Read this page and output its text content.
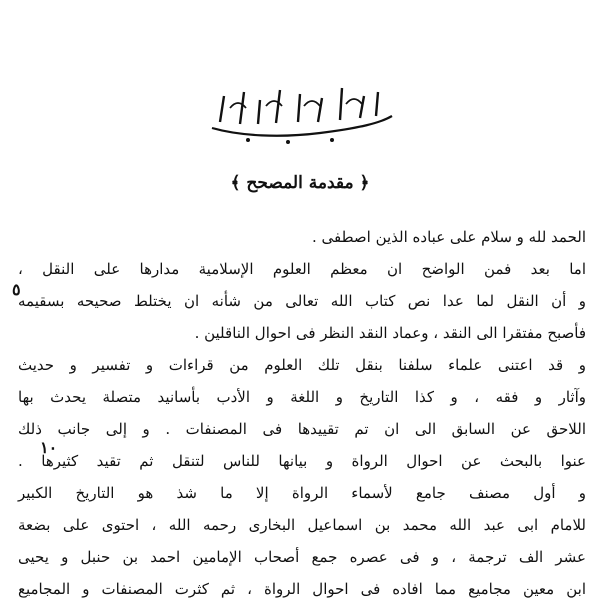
﴿ مقدمة المصحح ﴾
الحمد لله و سلام على عباده الذين اصطفى .
اما بعد فمن الواضح ان معظم العلوم الإسلامية مدارها على النقل ،
و أن النقل لما عدا نص كتاب الله تعالى من شأنه ان يختلط صحيحه بسقيمه
فأصبح مفتقرا الى النقد ، وعماد النقد النظر فى احوال الناقلين .
و قد اعتنى علماء سلفنا بنقل تلك العلوم من قراءات و تفسير و حديث
وآثار و فقه ، و كذا التاريخ و اللغة و الأدب بأسانيد متصلة يحدث بها
اللاحق عن السابق الى ان تم تقييدها فى المصنفات . و إلى جانب ذلك
عنوا بالبحث عن احوال الرواة و بيانها للناس لتنقل ثم تقيد كثيرها .
و أول مصنف جامع لأسماء الرواة إلا ما شذ هو التاريخ الكبير
للامام ابى عبد الله محمد بن اسماعيل البخارى رحمه الله ، احتوى على بضعة
عشر الف ترجمة ، و فى عصره جمع أصحاب الإمامين احمد بن حنبل و يحيى
ابن معين مجاميع مما افاده فى احوال الرواة ، ثم كثرت المصنفات و المجاميع
٥
١٠
